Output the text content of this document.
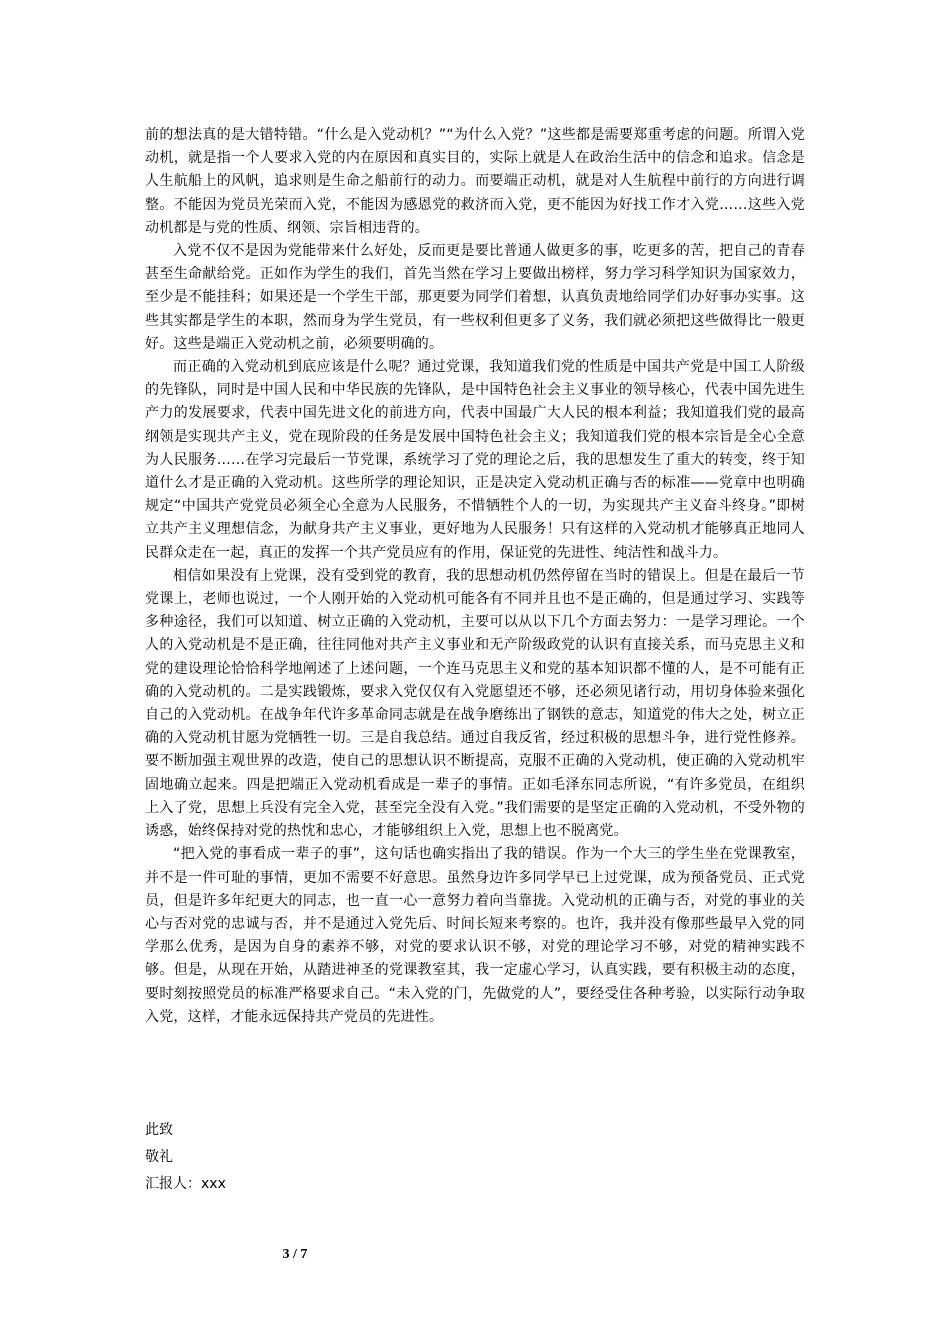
前的想法真的是大错特错。“什么是入党动机？”“为什么入党？”这些都是需要郑重考虑的问题。所谓入党动机，就是指一个人要求入党的内在原因和真实目的，实际上就是人在政治生活中的信念和追求。信念是人生航船上的风帆，追求则是生命之船前行的动力。而要端正动机，就是对人生航程中前行的方向进行调整。不能因为党员光荣而入党，不能因为感恩党的救济而入党，更不能因为好找工作才入党……这些入党动机都是与党的性质、纲领、宗旨相违背的。

入党不仅不是因为党能带来什么好处，反而更是要比普通人做更多的事，吃更多的苦，把自己的青春甚至生命献给党。正如作为学生的我们，首先当然在学习上要做出榜样，努力学习科学知识为国家效力，至少是不能挂科；如果还是一个学生干部，那更要为同学们着想，认真负责地给同学们办好事办实事。这些其实都是学生的本职，然而身为学生党员，有一些权利但更多了义务，我们就必须把这些做得比一般更好。这些是端正入党动机之前，必须要明确的。

而正确的入党动机到底应该是什么呢？通过党课，我知道我们党的性质是中国共产党是中国工人阶级的先锋队，同时是中国人民和中华民族的先锋队，是中国特色社会主义事业的领导核心，代表中国先进生产力的发展要求，代表中国先进文化的前进方向，代表中国最广大人民的根本利益；我知道我们党的最高纲领是实现共产主义，党在现阶段的任务是发展中国特色社会主义；我知道我们党的根本宗旨是全心全意为人民服务……在学习完最后一节党课，系统学习了党的理论之后，我的思想发生了重大的转变，终于知道什么才是正确的入党动机。这些所学的理论知识，正是决定入党动机正确与否的标准——党章中也明确规定“中国共产党党员必须全心全意为人民服务，不惜牺牲个人的一切，为实现共产主义奋斗终身。”即树立共产主义理想信念，为献身共产主义事业，更好地为人民服务！只有这样的入党动机才能够真正地同人民群众走在一起，真正的发挥一个共产党员应有的作用，保证党的先进性、纯洁性和战斗力。

相信如果没有上党课，没有受到党的教育，我的思想动机仍然停留在当时的错误上。但是在最后一节党课上，老师也说过，一个人刚开始的入党动机可能各有不同并且也不是正确的，但是通过学习、实践等多种途径，我们可以知道、树立正确的入党动机，主要可以从以下几个方面去努力：一是学习理论。一个人的入党动机是不是正确，往往同他对共产主义事业和无产阶级政党的认识有直接关系，而马克思主义和党的建设理论恰恰科学地阐述了上述问题，一个连马克思主义和党的基本知识都不懂的人，是不可能有正确的入党动机的。二是实践锻炼，要求入党仅仅有入党愿望还不够，还必须见诸行动，用切身体验来强化自己的入党动机。在战争年代许多革命同志就是在战争磨练出了钢铁的意志，知道党的伟大之处，树立正确的入党动机甘愿为党牺牲一切。三是自我总结。通过自我反省，经过积极的思想斗争，进行党性修养。要不断加强主观世界的改造，使自己的思想认识不断提高，克服不正确的入党动机，使正确的入党动机牢固地确立起来。四是把端正入党动机看成是一辈子的事情。正如毛泽东同志所说，“有许多党员，在组织上入了党，思想上兵没有完全入党，甚至完全没有入党。”我们需要的是坚定正确的入党动机，不受外物的诱惑，始终保持对党的热忱和忠心，才能够组织上入党，思想上也不脱离党。

“把入党的事看成一辈子的事”，这句话也确实指出了我的错误。作为一个大三的学生坐在党课教室，并不是一件可耻的事情，更加不需要不好意思。虽然身边许多同学早已上过党课，成为预备党员、正式党员，但是许多年纪更大的同志，也一直一心一意努力着向当靠拢。入党动机的正确与否，对党的事业的关心与否对党的忠诚与否，并不是通过入党先后、时间长短来考察的。也许，我并没有像那些最早入党的同学那么优秀，是因为自身的素养不够，对党的要求认识不够，对党的理论学习不够，对党的精神实践不够。但是，从现在开始，从踏进神圣的党课教室其，我一定虚心学习，认真实践，要有积极主动的态度，要时刻按照党员的标准严格要求自己。“未入党的门，先做党的人”，要经受住各种考验，以实际行动争取入党，这样，才能永远保持共产党员的先进性。

此致
敬礼
汇报人：xxx
3 / 7
